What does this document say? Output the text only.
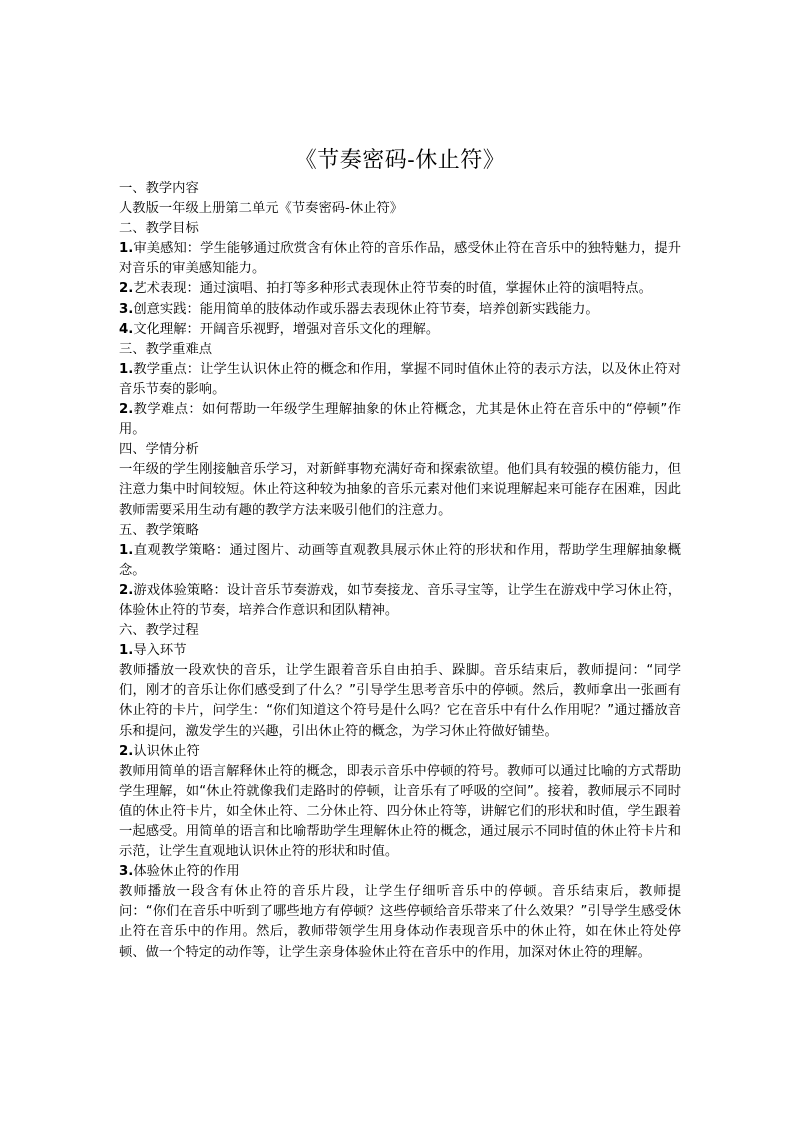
《节奏密码-休止符》

一、教学内容

人教版一年级上册第二单元《节奏密码-休止符》

二、教学目标

1.审美感知：学生能够通过欣赏含有休止符的音乐作品，感受休止符在音乐中的独特魅力，提升对音乐的审美感知能力。

2.艺术表现：通过演唱、拍打等多种形式表现休止符节奏的时值，掌握休止符的演唱特点。

3.创意实践：能用简单的肢体动作或乐器去表现休止符节奏，培养创新实践能力。

4.文化理解：开阔音乐视野，增强对音乐文化的理解。

三、教学重难点

1.教学重点：让学生认识休止符的概念和作用，掌握不同时值休止符的表示方法，以及休止符对音乐节奏的影响。

2.教学难点：如何帮助一年级学生理解抽象的休止符概念，尤其是休止符在音乐中的“停顿”作用。

四、学情分析

一年级的学生刚接触音乐学习，对新鲜事物充满好奇和探索欲望。他们具有较强的模仿能力，但注意力集中时间较短。休止符这种较为抽象的音乐元素对他们来说理解起来可能存在困难，因此教师需要采用生动有趣的教学方法来吸引他们的注意力。

五、教学策略

1.直观教学策略：通过图片、动画等直观教具展示休止符的形状和作用，帮助学生理解抽象概念。

2.游戏体验策略：设计音乐节奏游戏，如节奏接龙、音乐寻宝等，让学生在游戏中学习休止符，体验休止符的节奏，培养合作意识和团队精神。

六、教学过程

1.导入环节

教师播放一段欢快的音乐，让学生跟着音乐自由拍手、跺脚。音乐结束后，教师提问：“同学们，刚才的音乐让你们感受到了什么？”引导学生思考音乐中的停顿。然后，教师拿出一张画有休止符的卡片，问学生：“你们知道这个符号是什么吗？它在音乐中有什么作用呢？”通过播放音乐和提问，激发学生的兴趣，引出休止符的概念，为学习休止符做好铺垫。

2.认识休止符

教师用简单的语言解释休止符的概念，即表示音乐中停顿的符号。教师可以通过比喻的方式帮助学生理解，如“休止符就像我们走路时的停顿，让音乐有了呼吸的空间”。接着，教师展示不同时值的休止符卡片，如全休止符、二分休止符、四分休止符等，讲解它们的形状和时值，学生跟着一起感受。用简单的语言和比喻帮助学生理解休止符的概念，通过展示不同时值的休止符卡片和示范，让学生直观地认识休止符的形状和时值。

3.体验休止符的作用

教师播放一段含有休止符的音乐片段，让学生仔细听音乐中的停顿。音乐结束后，教师提问：“你们在音乐中听到了哪些地方有停顿？这些停顿给音乐带来了什么效果？”引导学生感受休止符在音乐中的作用。然后，教师带领学生用身体动作表现音乐中的休止符，如在休止符处停顿、做一个特定的动作等，让学生亲身体验休止符在音乐中的作用，加深对休止符的理解。
